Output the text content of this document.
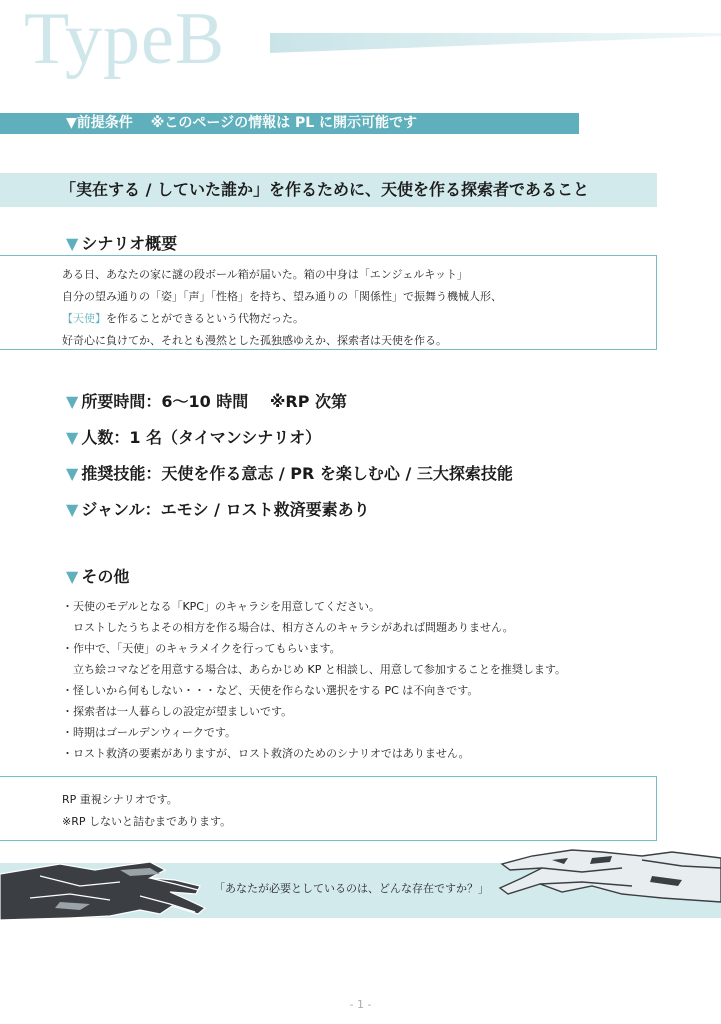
TypeB
▼前提条件 ※このページの情報は PL に開示可能です
「実在する / していた誰か」を作るために、天使を作る探索者であること
▼ シナリオ概要
ある日、あなたの家に謎の段ボール箱が届いた。箱の中身は「エンジェルキット」
自分の望み通りの「姿」「声」「性格」を持ち、望み通りの「関係性」で振舞う機械人形、
【天使】を作ることができるという代物だった。
好奇心に負けてか、それとも漫然とした孤独感ゆえか、探索者は天使を作る。
▼ 所要時間：6〜10 時間　 ※RP 次第
▼ 人数：1 名（タイマンシナリオ）
▼ 推奨技能：天使を作る意志 / PR を楽しむ心 / 三大探索技能
▼ ジャンル：エモシ / ロスト救済要素あり
▼ その他
・天使のモデルとなる「KPC」のキャラシを用意してください。
　ロストしたうちよその相方を作る場合は、相方さんのキャラシがあれば問題ありません。
・作中で、「天使」のキャラメイクを行ってもらいます。
　立ち絵コマなどを用意する場合は、あらかじめ KP と相談し、用意して参加することを推奨します。
・怪しいから何もしない・・・など、天使を作らない選択をする PC は不向きです。
・探索者は一人暮らしの設定が望ましいです。
・時期はゴールデンウィークです。
・ロスト救済の要素がありますが、ロスト救済のためのシナリオではありません。
RP 重視シナリオです。
※RP しないと詰むまであります。
「あなたが必要としているのは、どんな存在ですか？」
- 1 -
